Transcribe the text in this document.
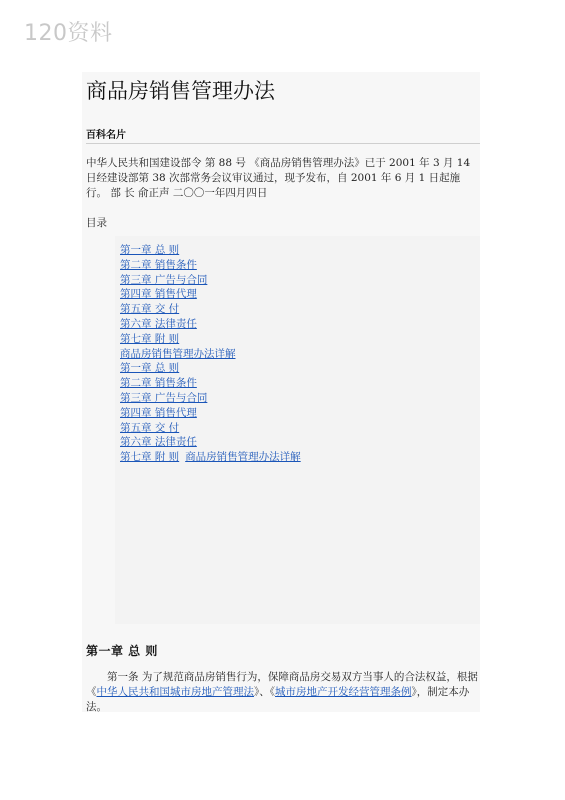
120资料
商品房销售管理办法
百科名片

中华人民共和国建设部令 第 88 号 《商品房销售管理办法》已于 2001 年 3 月 14 日经建设部第 38 次部常务会议审议通过，现予发布，自 2001 年 6 月 1 日起施行。 部 长 俞正声 二〇〇一年四月四日

目录
第一章 总 则
第二章 销售条件
第三章 广告与合同
第四章 销售代理
第五章 交 付
第六章 法律责任
第七章 附 则
商品房销售管理办法详解
第一章 总 则
第二章 销售条件
第三章 广告与合同
第四章 销售代理
第五章 交 付
第六章 法律责任
第七章 附 则 商品房销售管理办法详解
第一章 总 则

第一条 为了规范商品房销售行为，保障商品房交易双方当事人的合法权益，根据《中华人民共和国城市房地产管理法》、《城市房地产开发经营管理条例》，制定本办法。
